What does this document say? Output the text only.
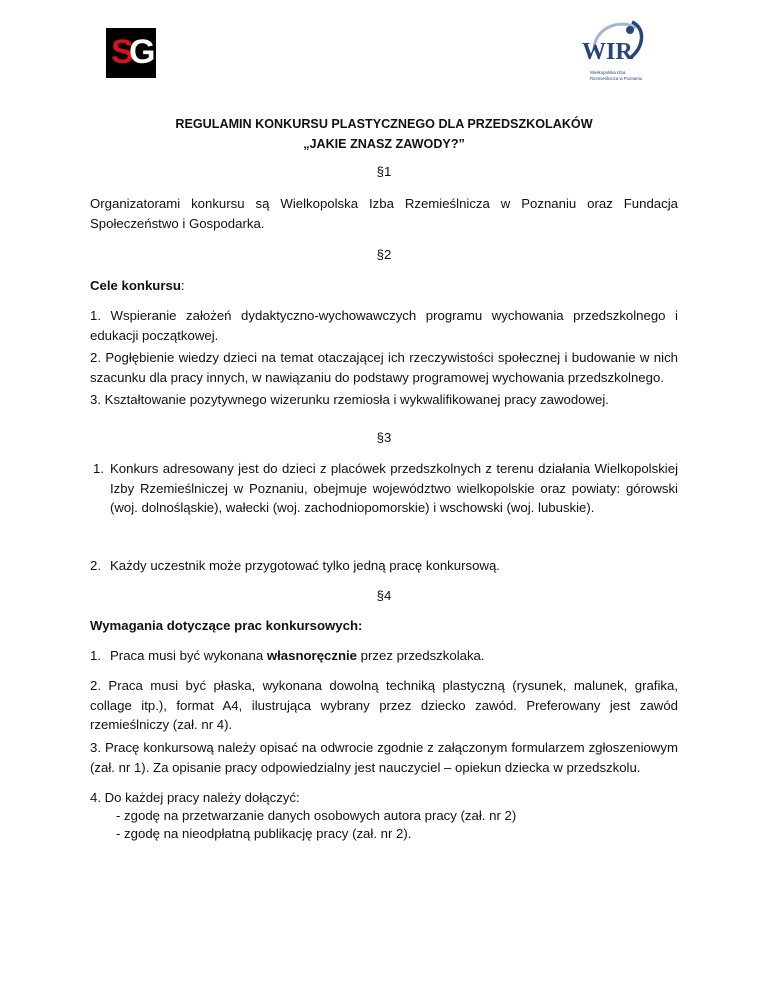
S
G	WIR
Wielkopolska Izba Rzemieślnicza w Poznaniu
REGULAMIN KONKURSU PLASTYCZNEGO DLA PRZEDSZKOLAKÓW
„JAKIE ZNASZ ZAWODY?”
§1
Organizatorami konkursu są Wielkopolska Izba Rzemieślnicza w Poznaniu oraz Fundacja Społeczeństwo i Gospodarka.
§2
Cele konkursu:
1. Wspieranie założeń dydaktyczno-wychowawczych programu wychowania przedszkolnego i edukacji początkowej.
2. Pogłębienie wiedzy dzieci na temat otaczającej ich rzeczywistości społecznej i budowanie w nich szacunku dla pracy innych, w nawiązaniu do podstawy programowej wychowania przedszkolnego.
3. Kształtowanie pozytywnego wizerunku rzemiosła i wykwalifikowanej pracy zawodowej.
§3
1. Konkurs adresowany jest do dzieci z placówek przedszkolnych z terenu działania Wielkopolskiej Izby Rzemieślniczej w Poznaniu, obejmuje województwo wielkopolskie oraz powiaty: górowski (woj. dolnośląskie), wałecki (woj. zachodniopomorskie) i wschowski (woj. lubuskie).
2. Każdy uczestnik może przygotować tylko jedną pracę konkursową.
§4
Wymagania dotyczące prac konkursowych:
1. Praca musi być wykonana własnoręcznie przez przedszkolaka.
2. Praca musi być płaska, wykonana dowolną techniką plastyczną (rysunek, malunek, grafika, collage itp.), format A4, ilustrująca wybrany przez dziecko zawód. Preferowany jest zawód rzemieślniczy (zał. nr 4).
3. Pracę konkursową należy opisać na odwrocie zgodnie z załączonym formularzem zgłoszeniowym (zał. nr 1). Za opisanie pracy odpowiedzialny jest nauczyciel – opiekun dziecka w przedszkolu.
4. Do każdej pracy należy dołączyć:
- zgodę na przetwarzanie danych osobowych autora pracy (zał. nr 2)
- zgodę na nieodpłatną publikację pracy (zał. nr 2).
